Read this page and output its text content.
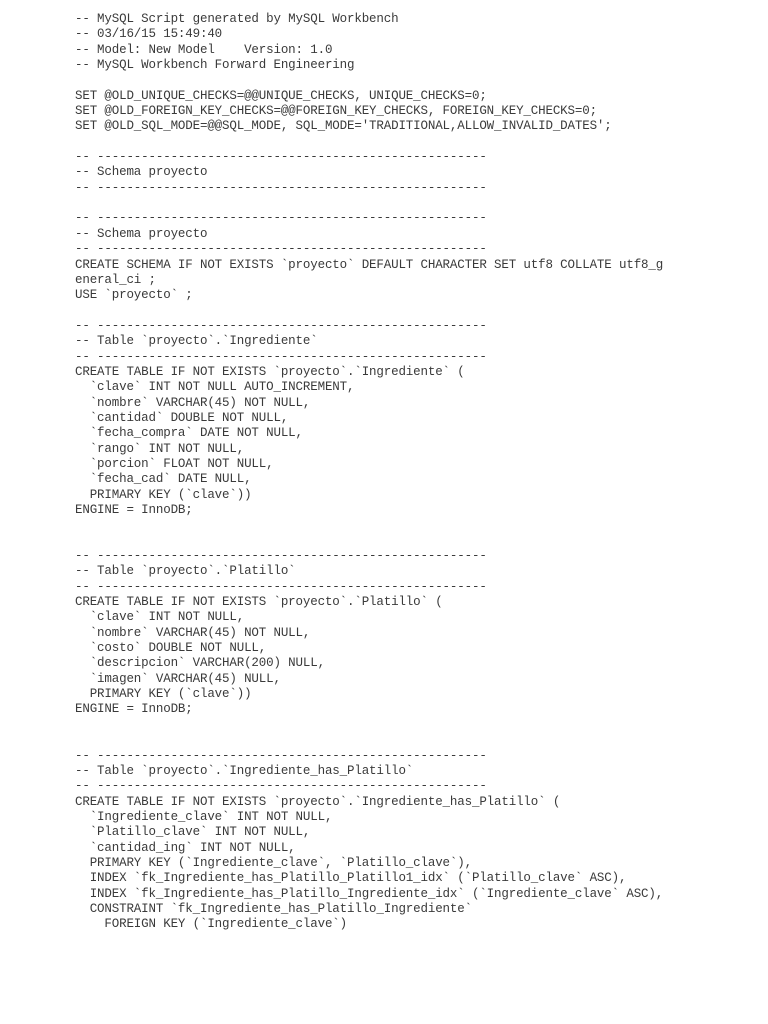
-- MySQL Script generated by MySQL Workbench
-- 03/16/15 15:49:40
-- Model: New Model    Version: 1.0
-- MySQL Workbench Forward Engineering
SET @OLD_UNIQUE_CHECKS=@@UNIQUE_CHECKS, UNIQUE_CHECKS=0;
SET @OLD_FOREIGN_KEY_CHECKS=@@FOREIGN_KEY_CHECKS, FOREIGN_KEY_CHECKS=0;
SET @OLD_SQL_MODE=@@SQL_MODE, SQL_MODE='TRADITIONAL,ALLOW_INVALID_DATES';
-- -----------------------------------------------------
-- Schema proyecto
-- -----------------------------------------------------
-- -----------------------------------------------------
-- Schema proyecto
-- -----------------------------------------------------
CREATE SCHEMA IF NOT EXISTS `proyecto` DEFAULT CHARACTER SET utf8 COLLATE utf8_g
eneral_ci ;
USE `proyecto` ;
-- -----------------------------------------------------
-- Table `proyecto`.`Ingrediente`
-- -----------------------------------------------------
CREATE TABLE IF NOT EXISTS `proyecto`.`Ingrediente` (
`clave` INT NOT NULL AUTO_INCREMENT,
`nombre` VARCHAR(45) NOT NULL,
`cantidad` DOUBLE NOT NULL,
`fecha_compra` DATE NOT NULL,
`rango` INT NOT NULL,
`porcion` FLOAT NOT NULL,
`fecha_cad` DATE NULL,
PRIMARY KEY (`clave`))
ENGINE = InnoDB;
-- -----------------------------------------------------
-- Table `proyecto`.`Platillo`
-- -----------------------------------------------------
CREATE TABLE IF NOT EXISTS `proyecto`.`Platillo` (
`clave` INT NOT NULL,
`nombre` VARCHAR(45) NOT NULL,
`costo` DOUBLE NOT NULL,
`descripcion` VARCHAR(200) NULL,
`imagen` VARCHAR(45) NULL,
PRIMARY KEY (`clave`))
ENGINE = InnoDB;
-- -----------------------------------------------------
-- Table `proyecto`.`Ingrediente_has_Platillo`
-- -----------------------------------------------------
CREATE TABLE IF NOT EXISTS `proyecto`.`Ingrediente_has_Platillo` (
`Ingrediente_clave` INT NOT NULL,
`Platillo_clave` INT NOT NULL,
`cantidad_ing` INT NOT NULL,
PRIMARY KEY (`Ingrediente_clave`, `Platillo_clave`),
INDEX `fk_Ingrediente_has_Platillo_Platillo1_idx` (`Platillo_clave` ASC),
INDEX `fk_Ingrediente_has_Platillo_Ingrediente_idx` (`Ingrediente_clave` ASC),
CONSTRAINT `fk_Ingrediente_has_Platillo_Ingrediente`
FOREIGN KEY (`Ingrediente_clave`)
